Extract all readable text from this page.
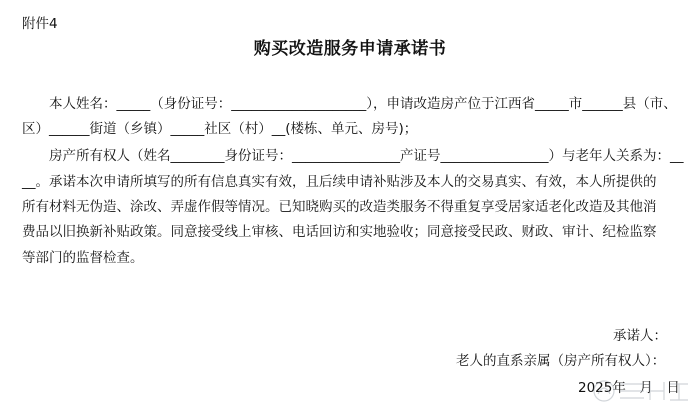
附件4
购买改造服务申请承诺书
　　本人姓名：_____（身份证号：____________________），申请改造房产位于江西省_____市______县（市、
区）______街道（乡镇）_____社区（村）__(楼栋、单元、房号)；
　　房产所有权人（姓名________身份证号：________________产证号________________）与老年人关系为：__
__。承诺本次申请所填写的所有信息真实有效，且后续申请补贴涉及本人的交易真实、有效，本人所提供的
所有材料无伪造、涂改、弄虚作假等情况。已知晓购买的改造类服务不得重复享受居家适老化改造及其他消
费品以旧换新补贴政策。同意接受线上审核、电话回访和实地验收；同意接受民政、财政、审计、纪检监察
等部门的监督检查。
承诺人：
老人的直系亲属（房产所有权人）：
2025年　月　日
